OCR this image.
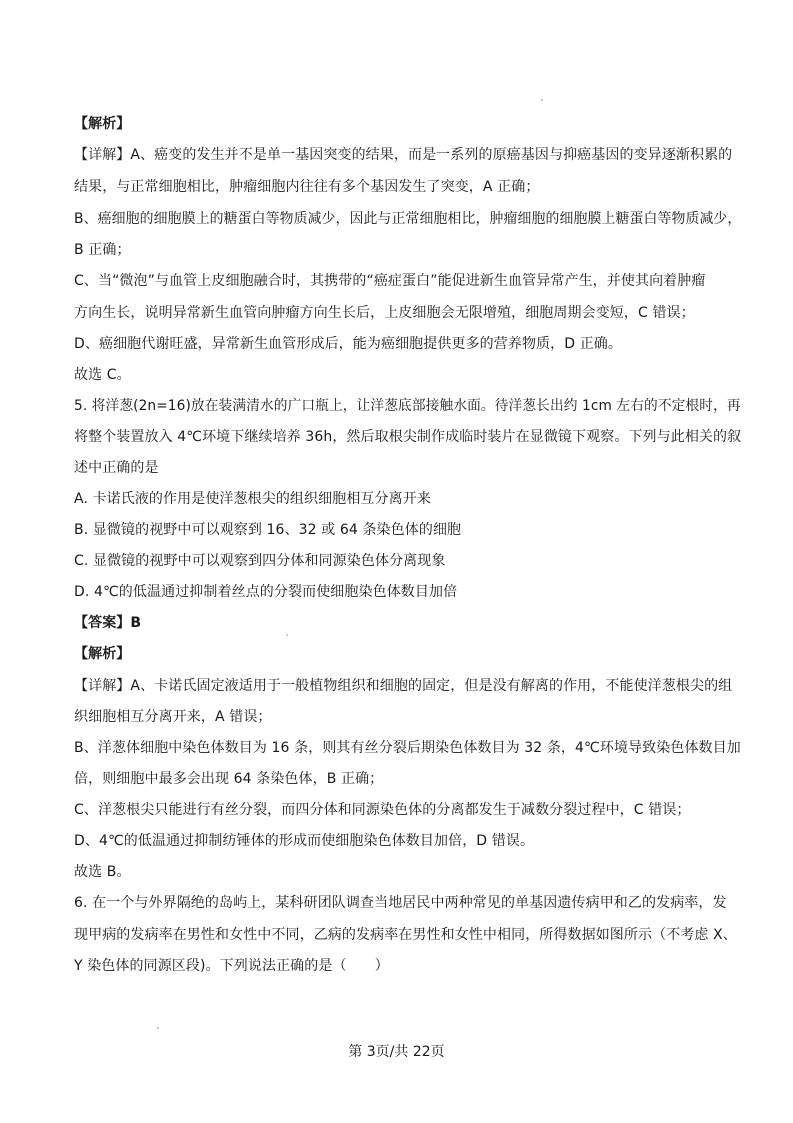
【解析】
【详解】A、癌变的发生并不是单一基因突变的结果，而是一系列的原癌基因与抑癌基因的变异逐渐积累的
结果，与正常细胞相比，肿瘤细胞内往往有多个基因发生了突变，A 正确；
B、癌细胞的细胞膜上的糖蛋白等物质减少，因此与正常细胞相比，肿瘤细胞的细胞膜上糖蛋白等物质减少，
B 正确；
C、当“微泡”与血管上皮细胞融合时，其携带的“癌症蛋白”能促进新生血管异常产生，并使其向着肿瘤
方向生长，说明异常新生血管向肿瘤方向生长后，上皮细胞会无限增殖，细胞周期会变短，C 错误；
D、癌细胞代谢旺盛，异常新生血管形成后，能为癌细胞提供更多的营养物质，D 正确。
故选 C。
5. 将洋葱(2n=16)放在装满清水的广口瓶上，让洋葱底部接触水面。待洋葱长出约 1cm 左右的不定根时，再
将整个装置放入 4℃环境下继续培养 36h，然后取根尖制作成临时装片在显微镜下观察。下列与此相关的叙
述中正确的是
A. 卡诺氏液的作用是使洋葱根尖的组织细胞相互分离开来
B. 显微镜的视野中可以观察到 16、32 或 64 条染色体的细胞
C. 显微镜的视野中可以观察到四分体和同源染色体分离现象
D. 4℃的低温通过抑制着丝点的分裂而使细胞染色体数目加倍
【答案】B
【解析】
【详解】A、卡诺氏固定液适用于一般植物组织和细胞的固定，但是没有解离的作用，不能使洋葱根尖的组
织细胞相互分离开来，A 错误；
B、洋葱体细胞中染色体数目为 16 条，则其有丝分裂后期染色体数目为 32 条，4℃环境导致染色体数目加
倍，则细胞中最多会出现 64 条染色体，B 正确；
C、洋葱根尖只能进行有丝分裂，而四分体和同源染色体的分离都发生于减数分裂过程中，C 错误；
D、4℃的低温通过抑制纺锤体的形成而使细胞染色体数目加倍，D 错误。
故选 B。
6. 在一个与外界隔绝的岛屿上，某科研团队调查当地居民中两种常见的单基因遗传病甲和乙的发病率，发
现甲病的发病率在男性和女性中不同，乙病的发病率在男性和女性中相同，所得数据如图所示（不考虑 X、
Y 染色体的同源区段)。下列说法正确的是（　　）
第 3页/共 22页
